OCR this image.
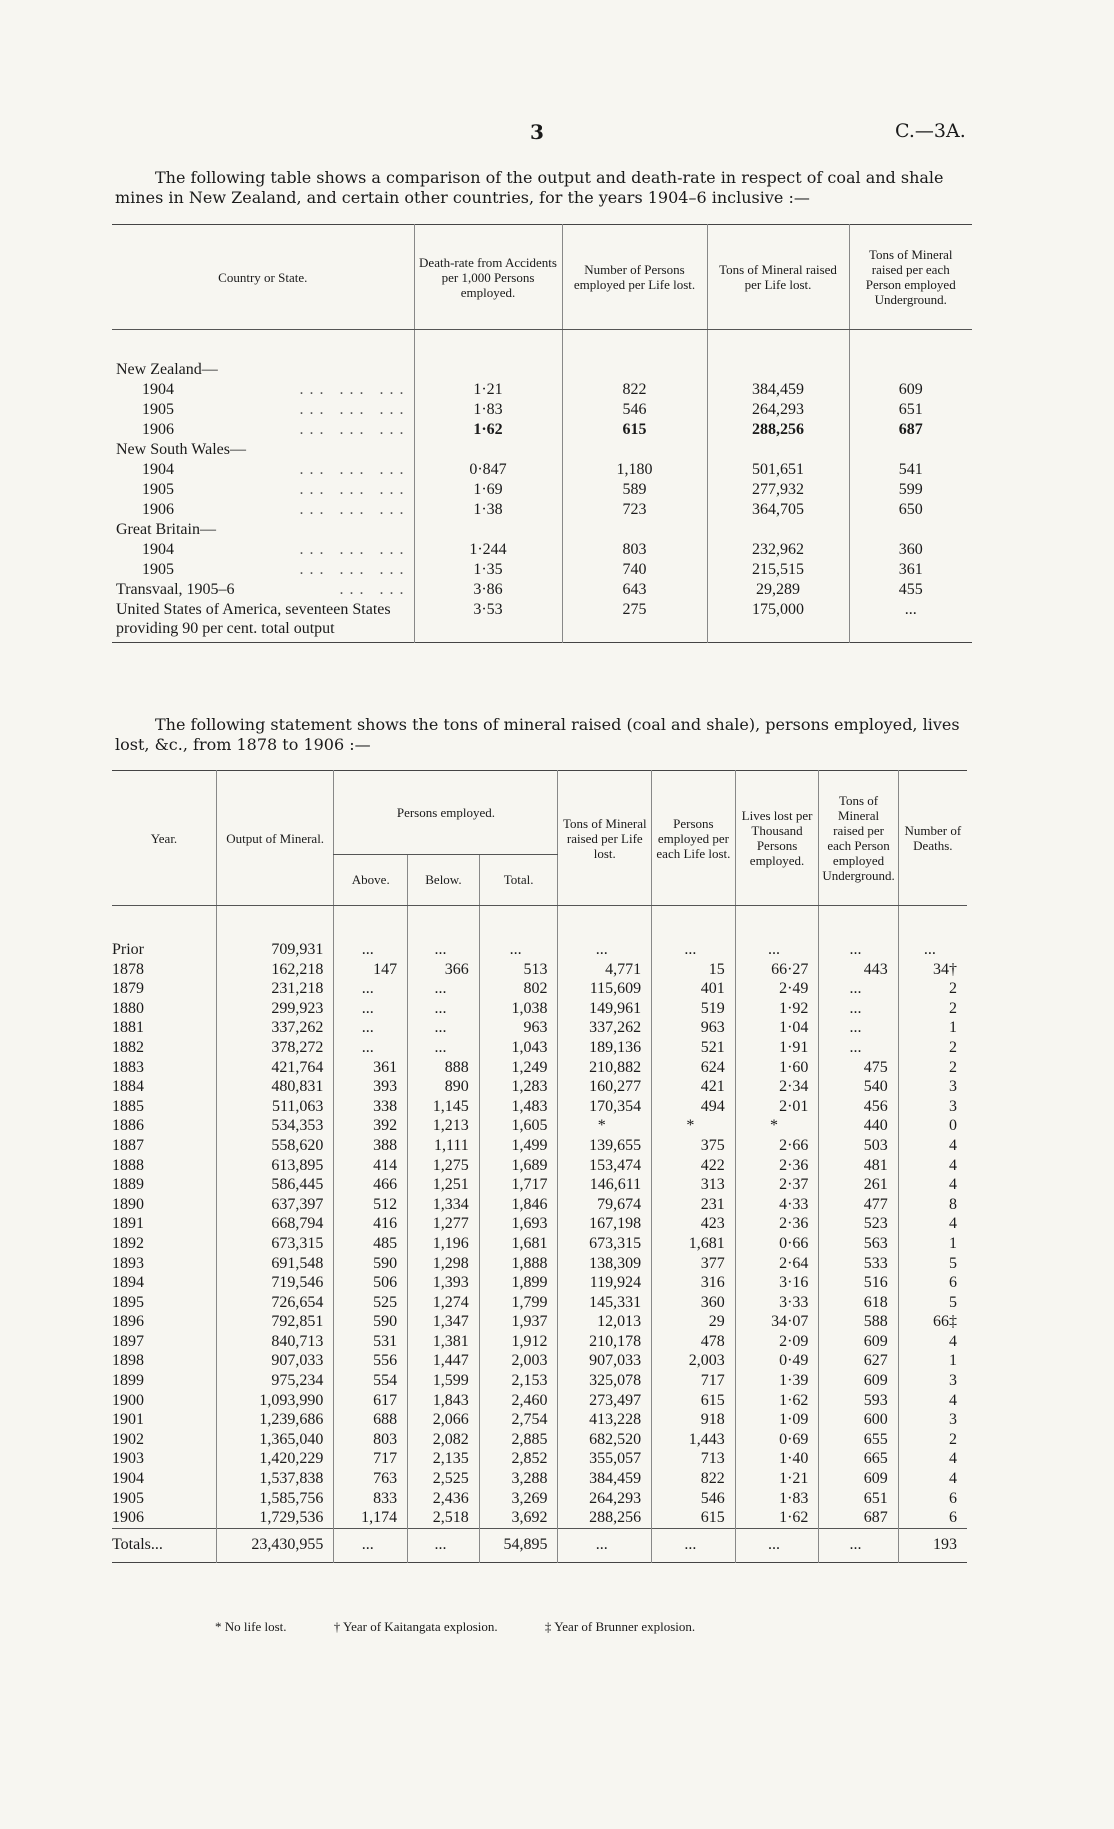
3	C.—3A.

The following table shows a comparison of the output and death-rate in respect of coal and shale mines in New Zealand, and certain other countries, for the years 1904–6 inclusive :—

Country or State.	Death-rate from Accidents per 1,000 Persons employed.	Number of Persons employed per Life lost.	Tons of Mineral raised per Life lost.	Tons of Mineral raised per each Person employed Underground.
New Zealand—				
1904 ... ... ...	1·21	822	384,459	609
1905 ... ... ...	1·83	546	264,293	651
1906 ... ... ...	1·62	615	288,256	687
New South Wales—				
1904 ... ... ...	0·847	1,180	501,651	541
1905 ... ... ...	1·69	589	277,932	599
1906 ... ... ...	1·38	723	364,705	650
Great Britain—				
1904 ... ... ...	1·244	803	232,962	360
1905 ... ... ...	1·35	740	215,515	361
Transvaal, 1905–6 ... ...	3·86	643	29,289	455
United States of America, seventeen States providing 90 per cent. total output	3·53	275	175,000	...

The following statement shows the tons of mineral raised (coal and shale), persons employed, lives lost, &c., from 1878 to 1906 :—

Year.	Output of Mineral.	Persons employed.			Tons of Mineral raised per Life lost.	Persons employed per each Life lost.	Lives lost per Thousand Persons employed.	Tons of Mineral raised per each Person employed Underground.	Number of Deaths.
		Above.	Below.	Total.					
Prior	709,931	...	...	...	...	...	...	...	...
1878	162,218	147	366	513	4,771	15	66·27	443	34†
1879	231,218	...	...	802	115,609	401	2·49	...	2
1880	299,923	...	...	1,038	149,961	519	1·92	...	2
1881	337,262	...	...	963	337,262	963	1·04	...	1
1882	378,272	...	...	1,043	189,136	521	1·91	...	2
1883	421,764	361	888	1,249	210,882	624	1·60	475	2
1884	480,831	393	890	1,283	160,277	421	2·34	540	3
1885	511,063	338	1,145	1,483	170,354	494	2·01	456	3
1886	534,353	392	1,213	1,605	*	*	*	440	0
1887	558,620	388	1,111	1,499	139,655	375	2·66	503	4
1888	613,895	414	1,275	1,689	153,474	422	2·36	481	4
1889	586,445	466	1,251	1,717	146,611	313	2·37	261	4
1890	637,397	512	1,334	1,846	79,674	231	4·33	477	8
1891	668,794	416	1,277	1,693	167,198	423	2·36	523	4
1892	673,315	485	1,196	1,681	673,315	1,681	0·66	563	1
1893	691,548	590	1,298	1,888	138,309	377	2·64	533	5
1894	719,546	506	1,393	1,899	119,924	316	3·16	516	6
1895	726,654	525	1,274	1,799	145,331	360	3·33	618	5
1896	792,851	590	1,347	1,937	12,013	29	34·07	588	66‡
1897	840,713	531	1,381	1,912	210,178	478	2·09	609	4
1898	907,033	556	1,447	2,003	907,033	2,003	0·49	627	1
1899	975,234	554	1,599	2,153	325,078	717	1·39	609	3
1900	1,093,990	617	1,843	2,460	273,497	615	1·62	593	4
1901	1,239,686	688	2,066	2,754	413,228	918	1·09	600	3
1902	1,365,040	803	2,082	2,885	682,520	1,443	0·69	655	2
1903	1,420,229	717	2,135	2,852	355,057	713	1·40	665	4
1904	1,537,838	763	2,525	3,288	384,459	822	1·21	609	4
1905	1,585,756	833	2,436	3,269	264,293	546	1·83	651	6
1906	1,729,536	1,174	2,518	3,692	288,256	615	1·62	687	6
Totals...	23,430,955	...	...	54,895	...	...	...	...	193
* No life lost.	† Year of Kaitangata explosion.	‡ Year of Brunner explosion.
